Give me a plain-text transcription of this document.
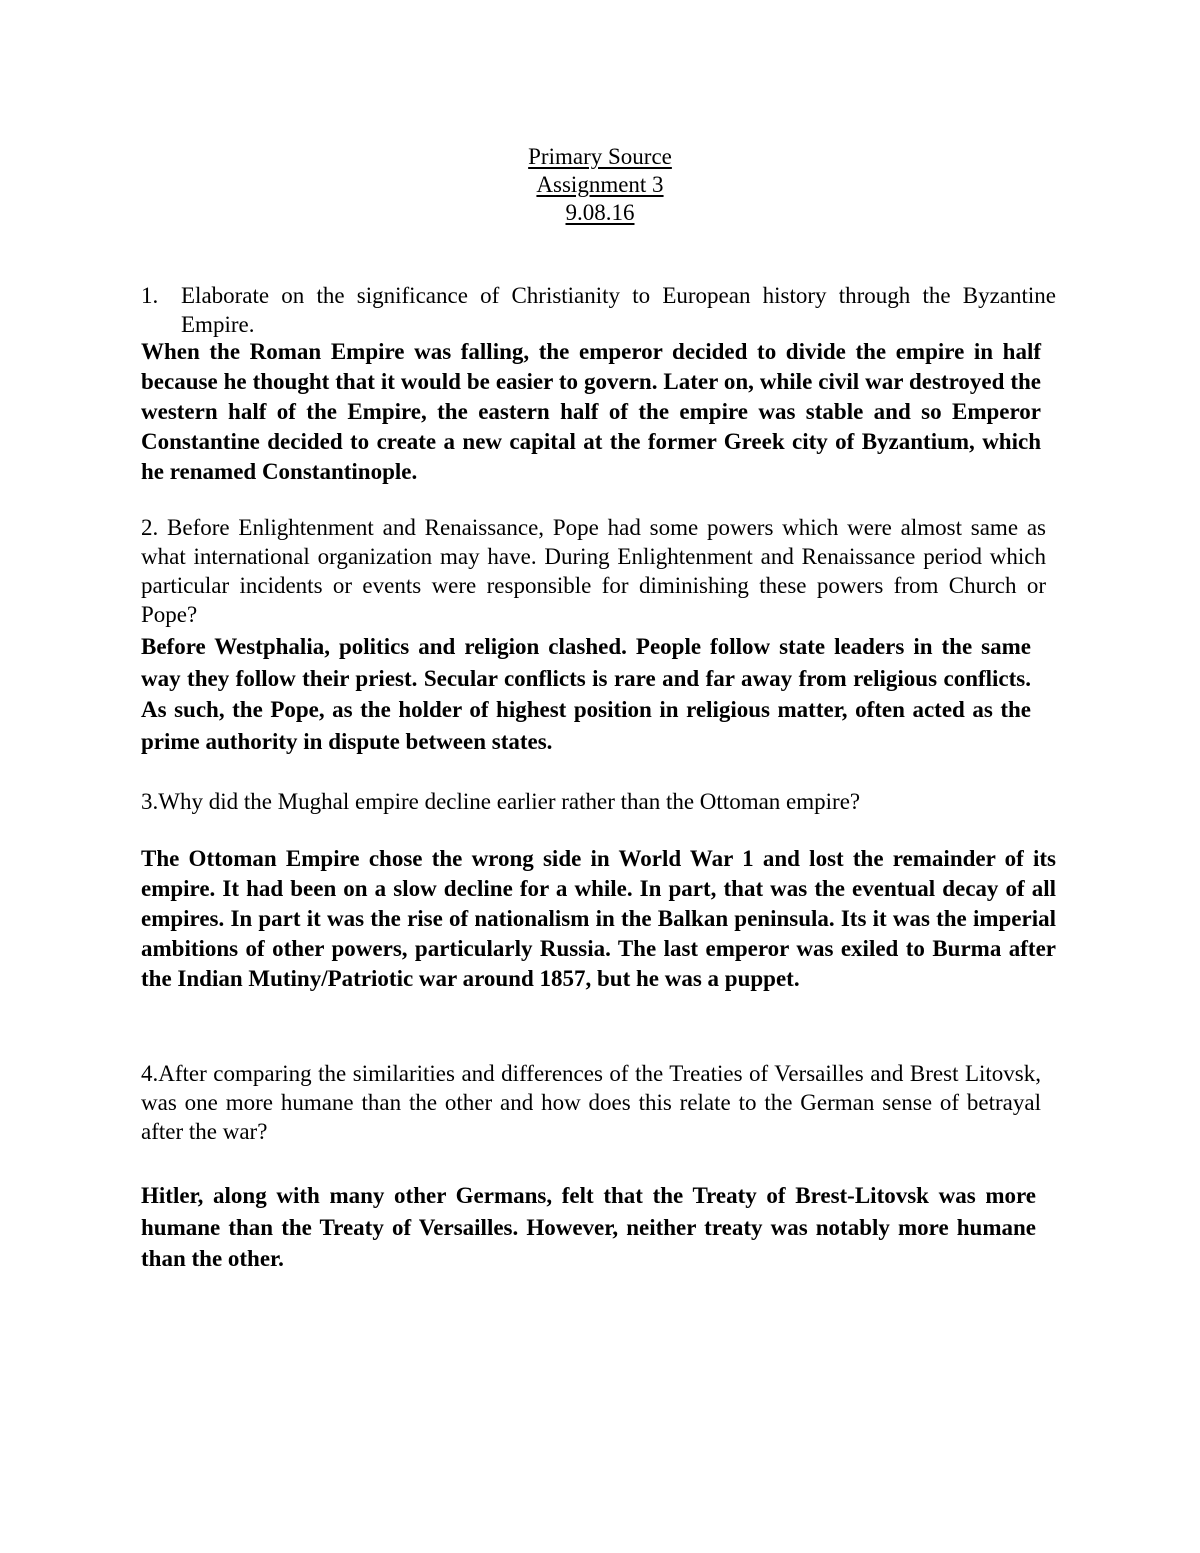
Primary Source
Assignment 3
9.08.16
1. Elaborate on the significance of Christianity to European history through the Byzantine Empire.
When the Roman Empire was falling, the emperor decided to divide the empire in half because he thought that it would be easier to govern. Later on, while civil war destroyed the western half of the Empire, the eastern half of the empire was stable and so Emperor Constantine decided to create a new capital at the former Greek city of Byzantium, which he renamed Constantinople.
2. Before Enlightenment and Renaissance, Pope had some powers which were almost same as what international organization may have. During Enlightenment and Renaissance period which particular incidents or events were responsible for diminishing these powers from Church or Pope?
Before Westphalia, politics and religion clashed. People follow state leaders in the same way they follow their priest. Secular conflicts is rare and far away from religious conflicts. As such, the Pope, as the holder of highest position in religious matter, often acted as the prime authority in dispute between states.
3.Why did the Mughal empire decline earlier rather than the Ottoman empire?
The Ottoman Empire chose the wrong side in World War 1 and lost the remainder of its empire. It had been on a slow decline for a while. In part, that was the eventual decay of all empires. In part it was the rise of nationalism in the Balkan peninsula. Its it was the imperial ambitions of other powers, particularly Russia. The last emperor was exiled to Burma after the Indian Mutiny/Patriotic war around 1857, but he was a puppet.
4.After comparing the similarities and differences of the Treaties of Versailles and Brest Litovsk, was one more humane than the other and how does this relate to the German sense of betrayal after the war?
Hitler, along with many other Germans, felt that the Treaty of Brest-Litovsk was more humane than the Treaty of Versailles. However, neither treaty was notably more humane than the other.
